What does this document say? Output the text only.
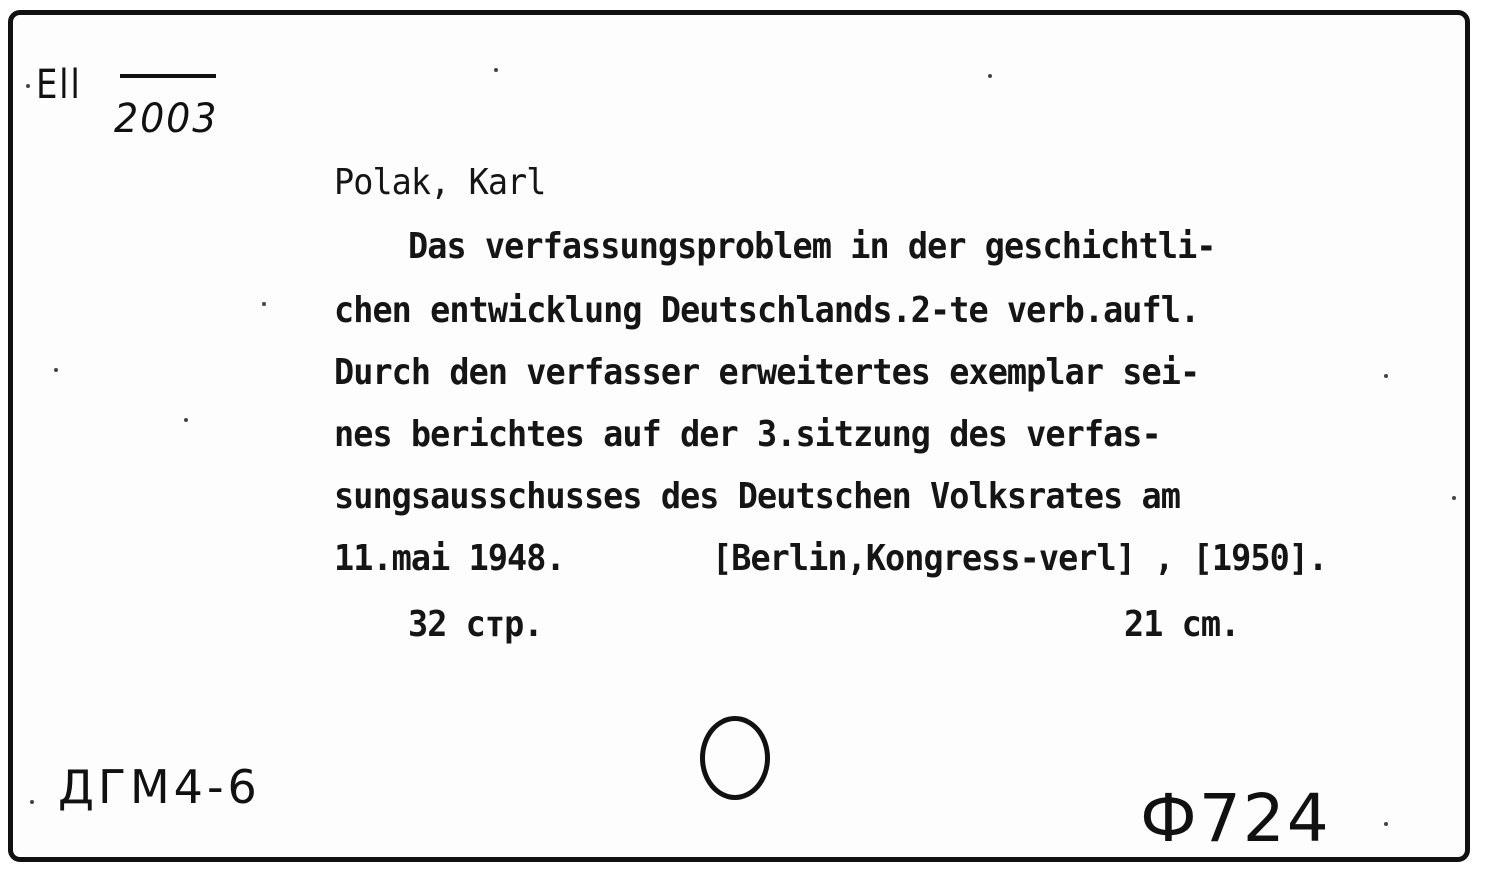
Ell
2003
Polak, Karl
Das verfassungsproblem in der geschichtli-
chen entwicklung Deutschlands.2-te verb.aufl.
Durch den verfasser erweitertes exemplar sei-
nes berichtes auf der 3.sitzung des verfas-
sungsausschusses des Deutschen Volksrates am
11.mai 1948.	[Berlin,Kongress-verl] , [1950].
32 стр.	21 cm.
ДГМ4-6	Ф724
